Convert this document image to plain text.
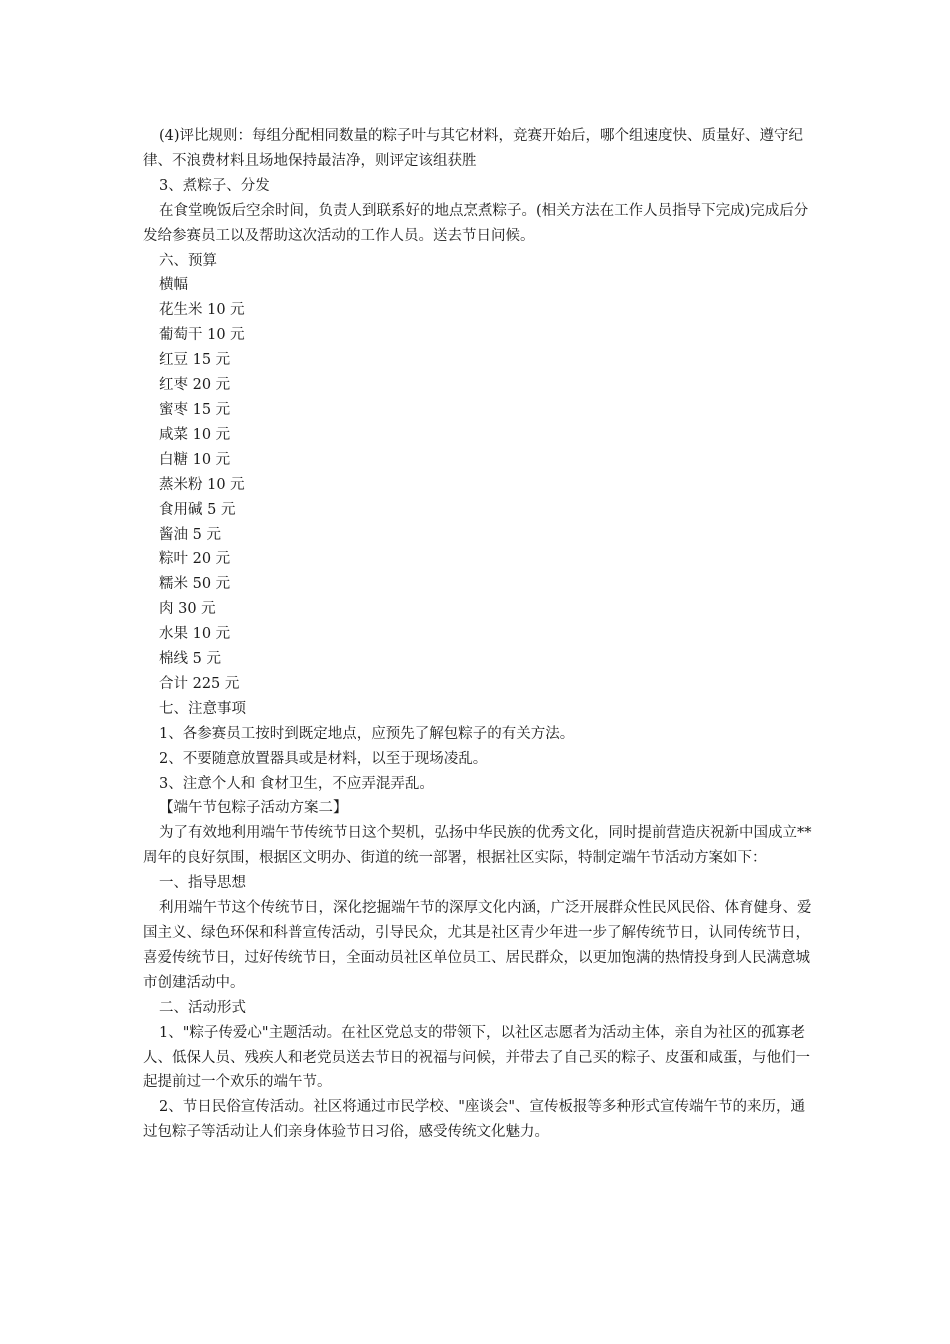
(4)评比规则：每组分配相同数量的粽子叶与其它材料，竞赛开始后，哪个组速度快、质量好、遵守纪律、不浪费材料且场地保持最洁净，则评定该组获胜

3、煮粽子、分发

在食堂晚饭后空余时间，负责人到联系好的地点烹煮粽子。(相关方法在工作人员指导下完成)完成后分发给参赛员工以及帮助这次活动的工作人员。送去节日问候。

六、预算

横幅

花生米 10 元

葡萄干 10 元

红豆 15 元

红枣 20 元

蜜枣 15 元

咸菜 10 元

白糖 10 元

蒸米粉 10 元

食用碱 5 元

酱油 5 元

粽叶 20 元

糯米 50 元

肉 30 元

水果 10 元

棉线 5 元

合计 225 元

七、注意事项

1、各参赛员工按时到既定地点，应预先了解包粽子的有关方法。

2、不要随意放置器具或是材料，以至于现场凌乱。

3、注意个人和 食材卫生，不应弄混弄乱。

【端午节包粽子活动方案二】

为了有效地利用端午节传统节日这个契机，弘扬中华民族的优秀文化，同时提前营造庆祝新中国成立**周年的良好氛围，根据区文明办、街道的统一部署，根据社区实际，特制定端午节活动方案如下：

一、指导思想

利用端午节这个传统节日，深化挖掘端午节的深厚文化内涵，广泛开展群众性民风民俗、体育健身、爱国主义、绿色环保和科普宣传活动，引导民众，尤其是社区青少年进一步了解传统节日，认同传统节日，喜爱传统节日，过好传统节日，全面动员社区单位员工、居民群众，以更加饱满的热情投身到人民满意城市创建活动中。

二、活动形式

1、"粽子传爱心"主题活动。在社区党总支的带领下，以社区志愿者为活动主体，亲自为社区的孤寡老人、低保人员、残疾人和老党员送去节日的祝福与问候，并带去了自己买的粽子、皮蛋和咸蛋，与他们一起提前过一个欢乐的端午节。

2、节日民俗宣传活动。社区将通过市民学校、"座谈会"、宣传板报等多种形式宣传端午节的来历，通过包粽子等活动让人们亲身体验节日习俗，感受传统文化魅力。
